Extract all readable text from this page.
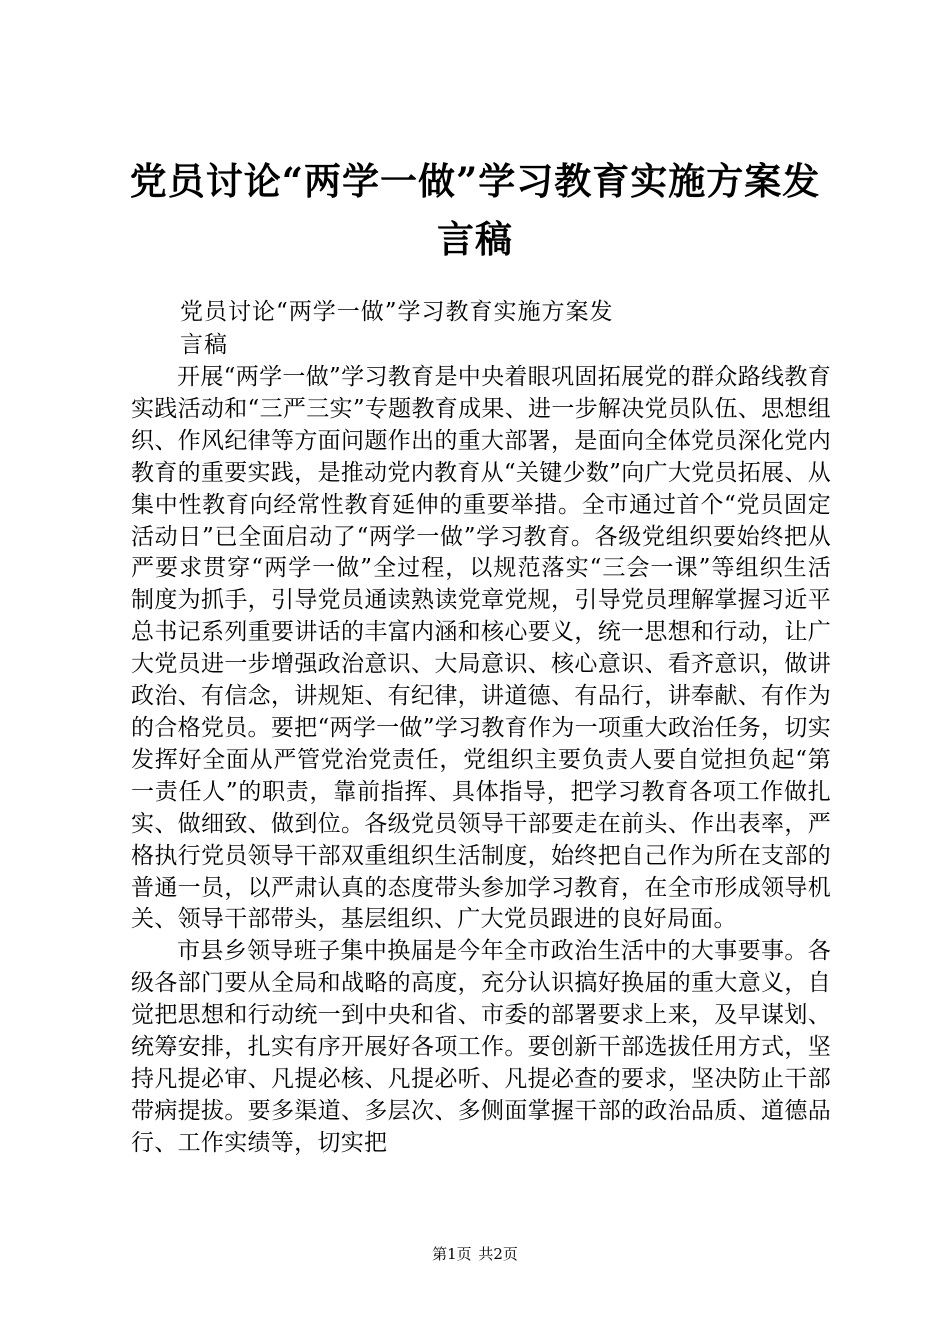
党员讨论“两学一做”学习教育实施方案发言稿

党员讨论“两学一做”学习教育实施方案发言稿

开展“两学一做”学习教育是中央着眼巩固拓展党的群众路线教育实践活动和“三严三实”专题教育成果、进一步解决党员队伍、思想组织、作风纪律等方面问题作出的重大部署，是面向全体党员深化党内教育的重要实践，是推动党内教育从“关键少数”向广大党员拓展、从集中性教育向经常性教育延伸的重要举措。全市通过首个“党员固定活动日”已全面启动了“两学一做”学习教育。各级党组织要始终把从严要求贯穿“两学一做”全过程，以规范落实“三会一课”等组织生活制度为抓手，引导党员通读熟读党章党规，引导党员理解掌握习近平总书记系列重要讲话的丰富内涵和核心要义，统一思想和行动，让广大党员进一步增强政治意识、大局意识、核心意识、看齐意识，做讲政治、有信念，讲规矩、有纪律，讲道德、有品行，讲奉献、有作为的合格党员。要把“两学一做”学习教育作为一项重大政治任务，切实发挥好全面从严管党治党责任，党组织主要负责人要自觉担负起“第一责任人”的职责，靠前指挥、具体指导，把学习教育各项工作做扎实、做细致、做到位。各级党员领导干部要走在前头、作出表率，严格执行党员领导干部双重组织生活制度，始终把自己作为所在支部的普通一员，以严肃认真的态度带头参加学习教育，在全市形成领导机关、领导干部带头，基层组织、广大党员跟进的良好局面。

市县乡领导班子集中换届是今年全市政治生活中的大事要事。各级各部门要从全局和战略的高度，充分认识搞好换届的重大意义，自觉把思想和行动统一到中央和省、市委的部署要求上来，及早谋划、统筹安排，扎实有序开展好各项工作。要创新干部选拔任用方式，坚持凡提必审、凡提必核、凡提必听、凡提必查的要求，坚决防止干部带病提拔。要多渠道、多层次、多侧面掌握干部的政治品质、道德品行、工作实绩等，切实把

第1页 共2页
